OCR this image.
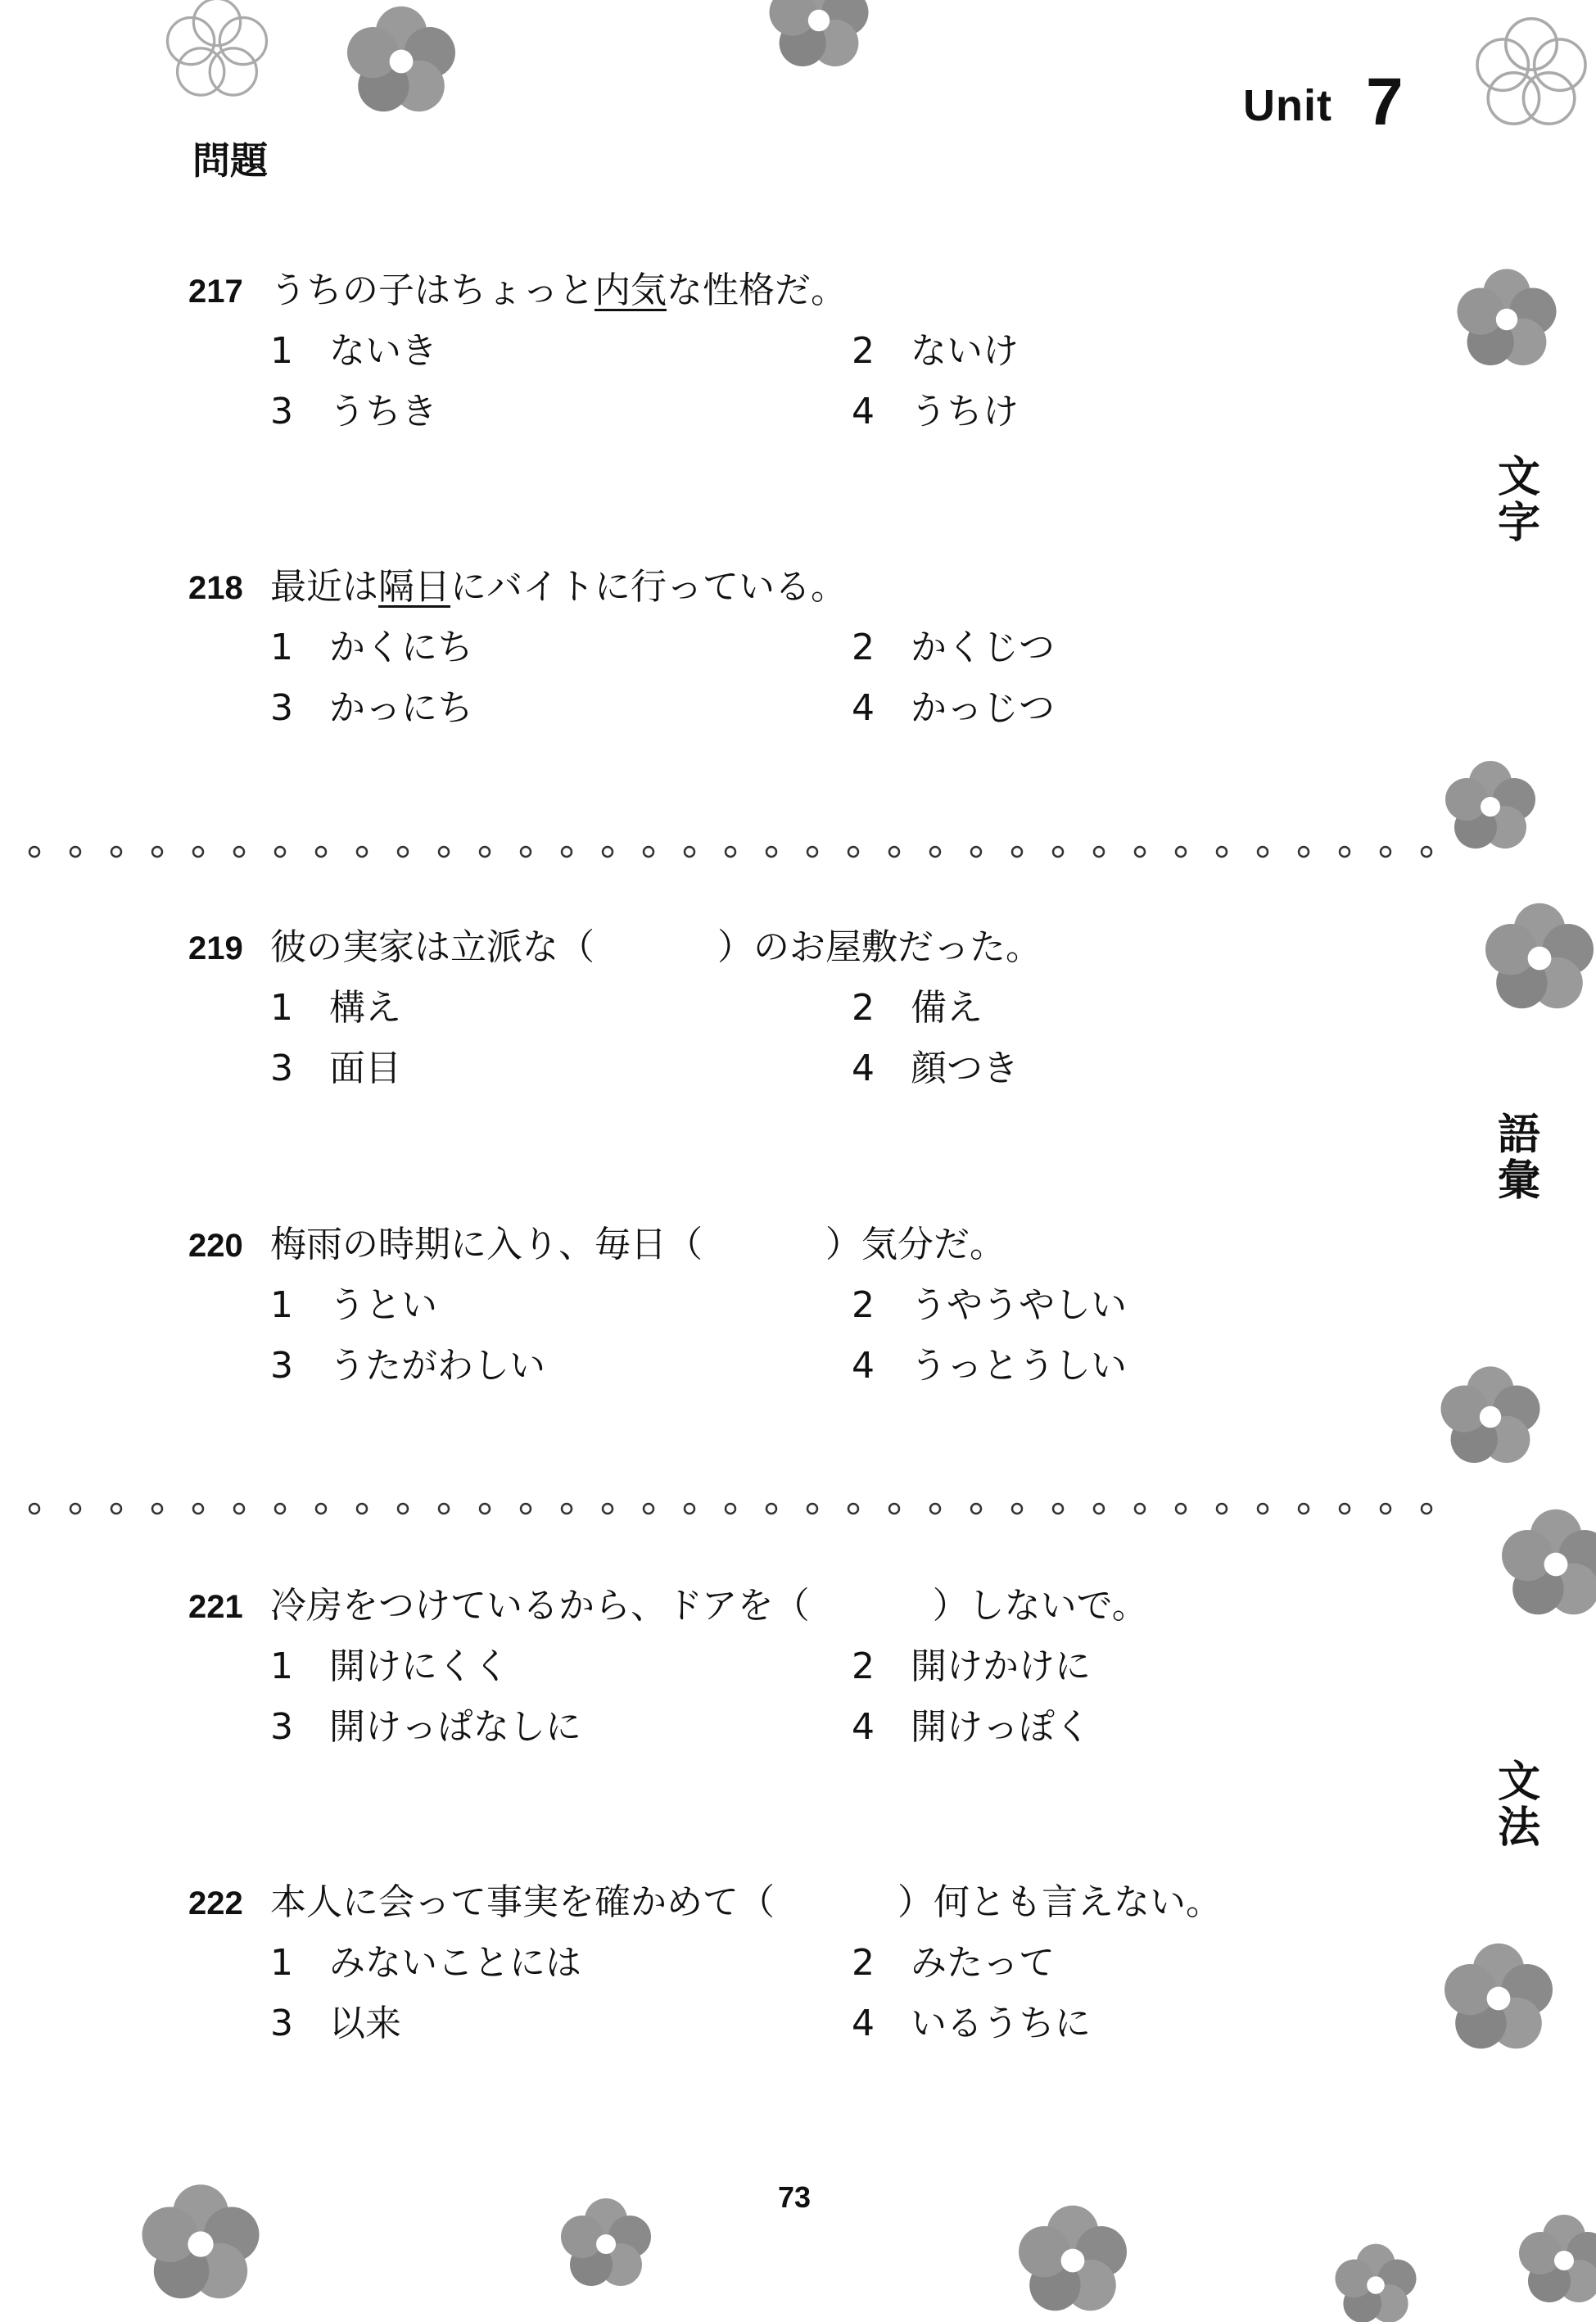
Unit 7
問題
文字
語彙
文法
217 うちの子はちょっと内気な性格だ。
1 ないき	2 ないけ
3 うちき	4 うちけ
218 最近は隔日にバイトに行っている。
1 かくにち	2 かくじつ
3 かっにち	4 かっじつ
219 彼の実家は立派な（	）のお屋敷だった。
1 構え	2 備え
3 面目	4 顔つき
220 梅雨の時期に入り、毎日（	）気分だ。
1 うとい	2 うやうやしい
3 うたがわしい	4 うっとうしい
221 冷房をつけているから、ドアを（	）しないで。
1 開けにくく	2 開けかけに
3 開けっぱなしに	4 開けっぽく
222 本人に会って事実を確かめて（	）何とも言えない。
1 みないことには	2 みたって
3 以来	4 いるうちに
73
